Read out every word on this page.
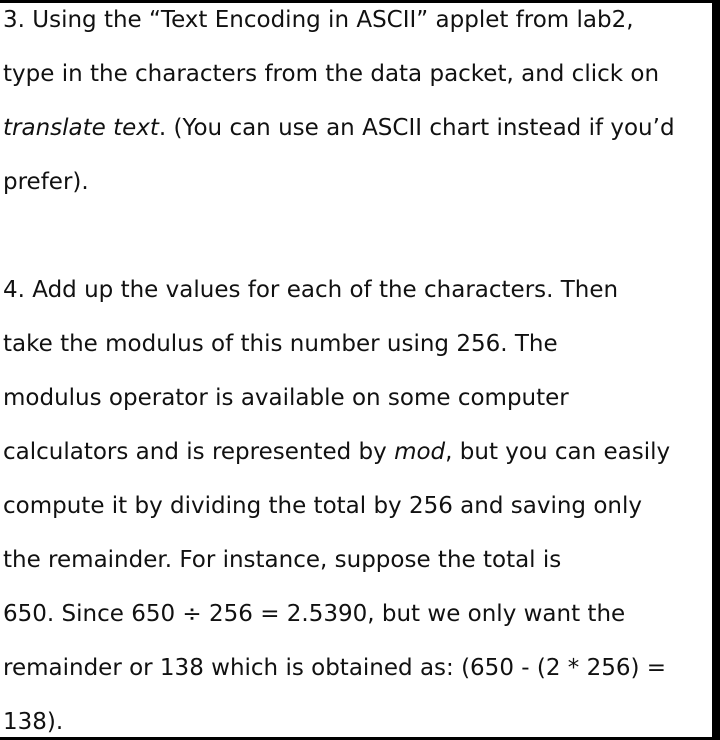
3. Using the “Text Encoding in ASCII” applet from lab2,
type in the characters from the data packet, and click on
translate text. (You can use an ASCII chart instead if you’d
prefer).
4. Add up the values for each of the characters. Then
take the modulus of this number using 256. The
modulus operator is available on some computer
calculators and is represented by mod, but you can easily
compute it by dividing the total by 256 and saving only
the remainder. For instance, suppose the total is
650. Since 650 ÷ 256 = 2.5390, but we only want the
remainder or 138 which is obtained as: (650 - (2 * 256) =
138).
